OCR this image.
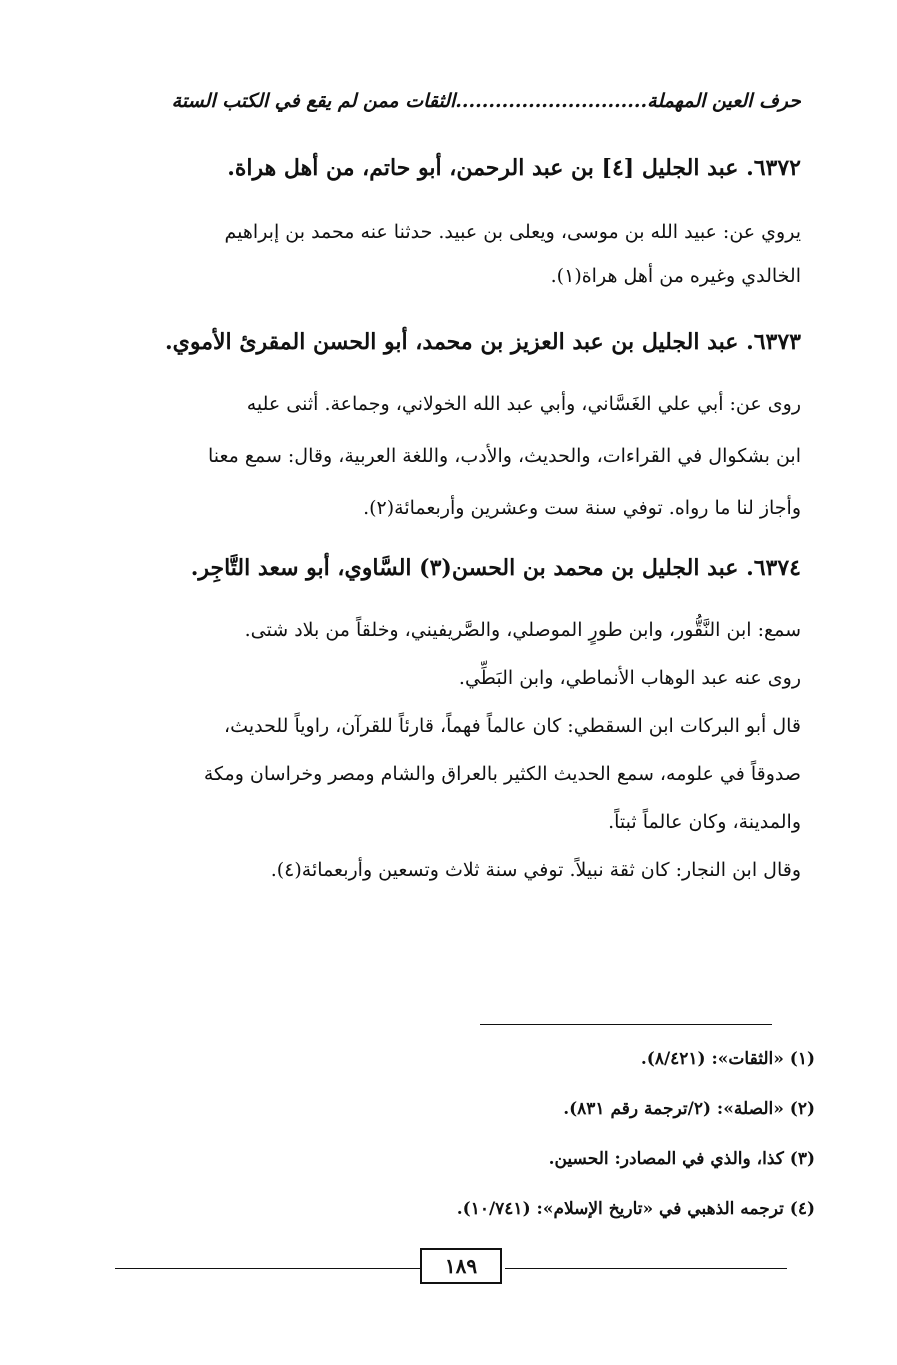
حرف العين المهملة.............................الثقات ممن لم يقع في الكتب الستة
٦٣٧٢. عبد الجليل [٤] بن عبد الرحمن، أبو حاتم، من أهل هراة.
يروي عن: عبيد الله بن موسى، ويعلى بن عبيد. حدثنا عنه محمد بن إبراهيم
الخالدي وغيره من أهل هراة(١).
٦٣٧٣. عبد الجليل بن عبد العزيز بن محمد، أبو الحسن المقرئ الأموي.
روى عن: أبي علي الغَسَّاني، وأبي عبد الله الخولاني، وجماعة. أثنى عليه
ابن بشكوال في القراءات، والحديث، والأدب، واللغة العربية، وقال: سمع معنا
وأجاز لنا ما رواه. توفي سنة ست وعشرين وأربعمائة(٢).
٦٣٧٤. عبد الجليل بن محمد بن الحسن(٣) السَّاوي، أبو سعد التَّاجِر.
سمع: ابن النَّقُّور، وابن طورٍ الموصلي، والصَّريفيني، وخلقاً من بلاد شتى.
روى عنه عبد الوهاب الأنماطي، وابن البَطِّي.
قال أبو البركات ابن السقطي: كان عالماً فهماً، قارئاً للقرآن، راوياً للحديث،
صدوقاً في علومه، سمع الحديث الكثير بالعراق والشام ومصر وخراسان ومكة
والمدينة، وكان عالماً ثبتاً.
وقال ابن النجار: كان ثقة نبيلاً. توفي سنة ثلاث وتسعين وأربعمائة(٤).
(١) «الثقات»: (٨/٤٢١).
(٢) «الصلة»: (٢/ترجمة رقم ٨٣١).
(٣) كذا، والذي في المصادر: الحسين.
(٤) ترجمه الذهبي في «تاريخ الإسلام»: (١٠/٧٤١).
١٨٩
